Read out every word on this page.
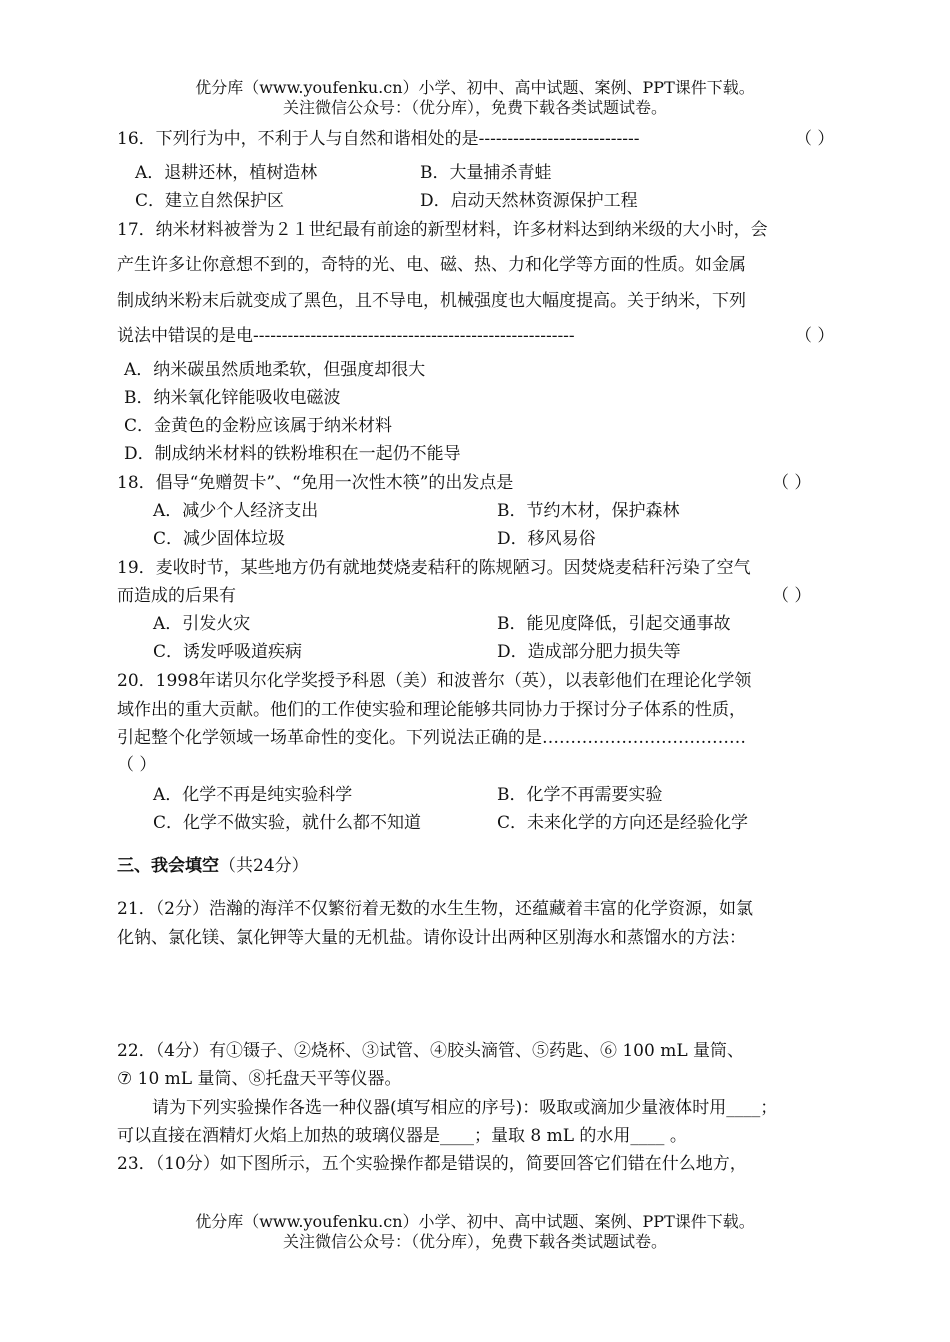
优分库（www.youfenku.cn）小学、初中、高中试题、案例、PPT课件下载。
关注微信公众号：（优分库），免费下载各类试题试卷。
16．下列行为中，不利于人与自然和谐相处的是----------------------------	（ ）
A．退耕还林，植树造林	B．大量捕杀青蛙
C．建立自然保护区	D．启动天然林资源保护工程
17．纳米材料被誉为２１世纪最有前途的新型材料，许多材料达到纳米级的大小时，会
产生许多让你意想不到的，奇特的光、电、磁、热、力和化学等方面的性质。如金属
制成纳米粉末后就变成了黑色，且不导电，机械强度也大幅度提高。关于纳米，下列
说法中错误的是电--------------------------------------------------------	（ ）
A．纳米碳虽然质地柔软，但强度却很大
B．纳米氧化锌能吸收电磁波
C．金黄色的金粉应该属于纳米材料
D．制成纳米材料的铁粉堆积在一起仍不能导
18．倡导“免赠贺卡”、“免用一次性木筷”的出发点是	（ ）
A．减少个人经济支出	B．节约木材，保护森林
C．减少固体垃圾	D．移风易俗
19．麦收时节，某些地方仍有就地焚烧麦秸秆的陈规陋习。因焚烧麦秸秆污染了空气
而造成的后果有	（ ）
A．引发火灾	B．能见度降低，引起交通事故
C．诱发呼吸道疾病	D．造成部分肥力损失等
20．1998年诺贝尔化学奖授予科恩（美）和波普尔（英），以表彰他们在理论化学领
域作出的重大贡献。他们的工作使实验和理论能够共同协力于探讨分子体系的性质，
引起整个化学领域一场革命性的变化。下列说法正确的是………………………………
（ ）
A．化学不再是纯实验科学	B．化学不再需要实验
C．化学不做实验，就什么都不知道	C．未来化学的方向还是经验化学
三、我会填空（共24分）
21．（2分）浩瀚的海洋不仅繁衍着无数的水生生物，还蕴藏着丰富的化学资源，如氯
化钠、氯化镁、氯化钾等大量的无机盐。请你设计出两种区别海水和蒸馏水的方法：
22．（4分）有①镊子、②烧杯、③试管、④胶头滴管、⑤药匙、⑥ 100 mL 量筒、
⑦ 10 mL 量筒、⑧托盘天平等仪器。
请为下列实验操作各选一种仪器(填写相应的序号)：吸取或滴加少量液体时用____；
可以直接在酒精灯火焰上加热的玻璃仪器是____；量取 8 mL 的水用____ 。
23．（10分）如下图所示，五个实验操作都是错误的，简要回答它们错在什么地方，
优分库（www.youfenku.cn）小学、初中、高中试题、案例、PPT课件下载。
关注微信公众号：（优分库），免费下载各类试题试卷。
